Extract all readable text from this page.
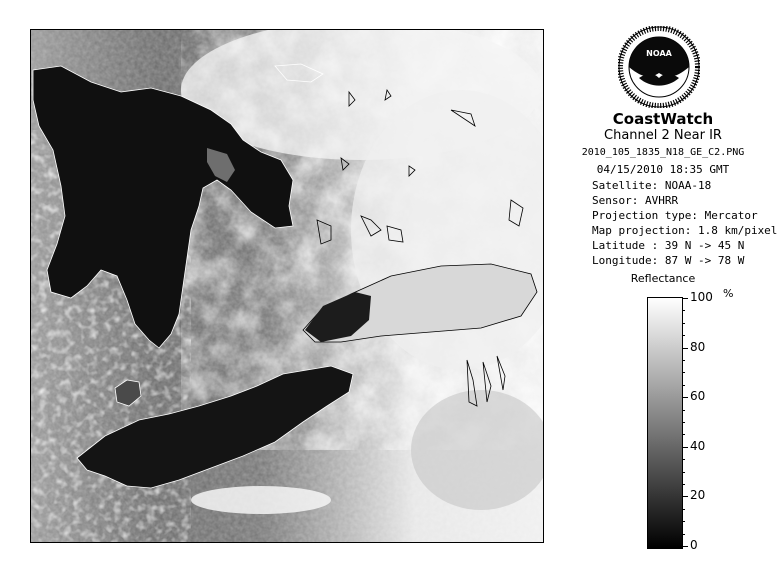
NOAA
CoastWatch
Channel 2 Near IR
2010_105_1835_N18_GE_C2.PNG
04/15/2010 18:35 GMT
Satellite: NOAA-18
Sensor: AVHRR
Projection type: Mercator
Map projection: 1.8 km/pixel
Latitude : 39 N -> 45 N
Longitude: 87 W -> 78 W
Reflectance
%
100
80
60
40
20
0
